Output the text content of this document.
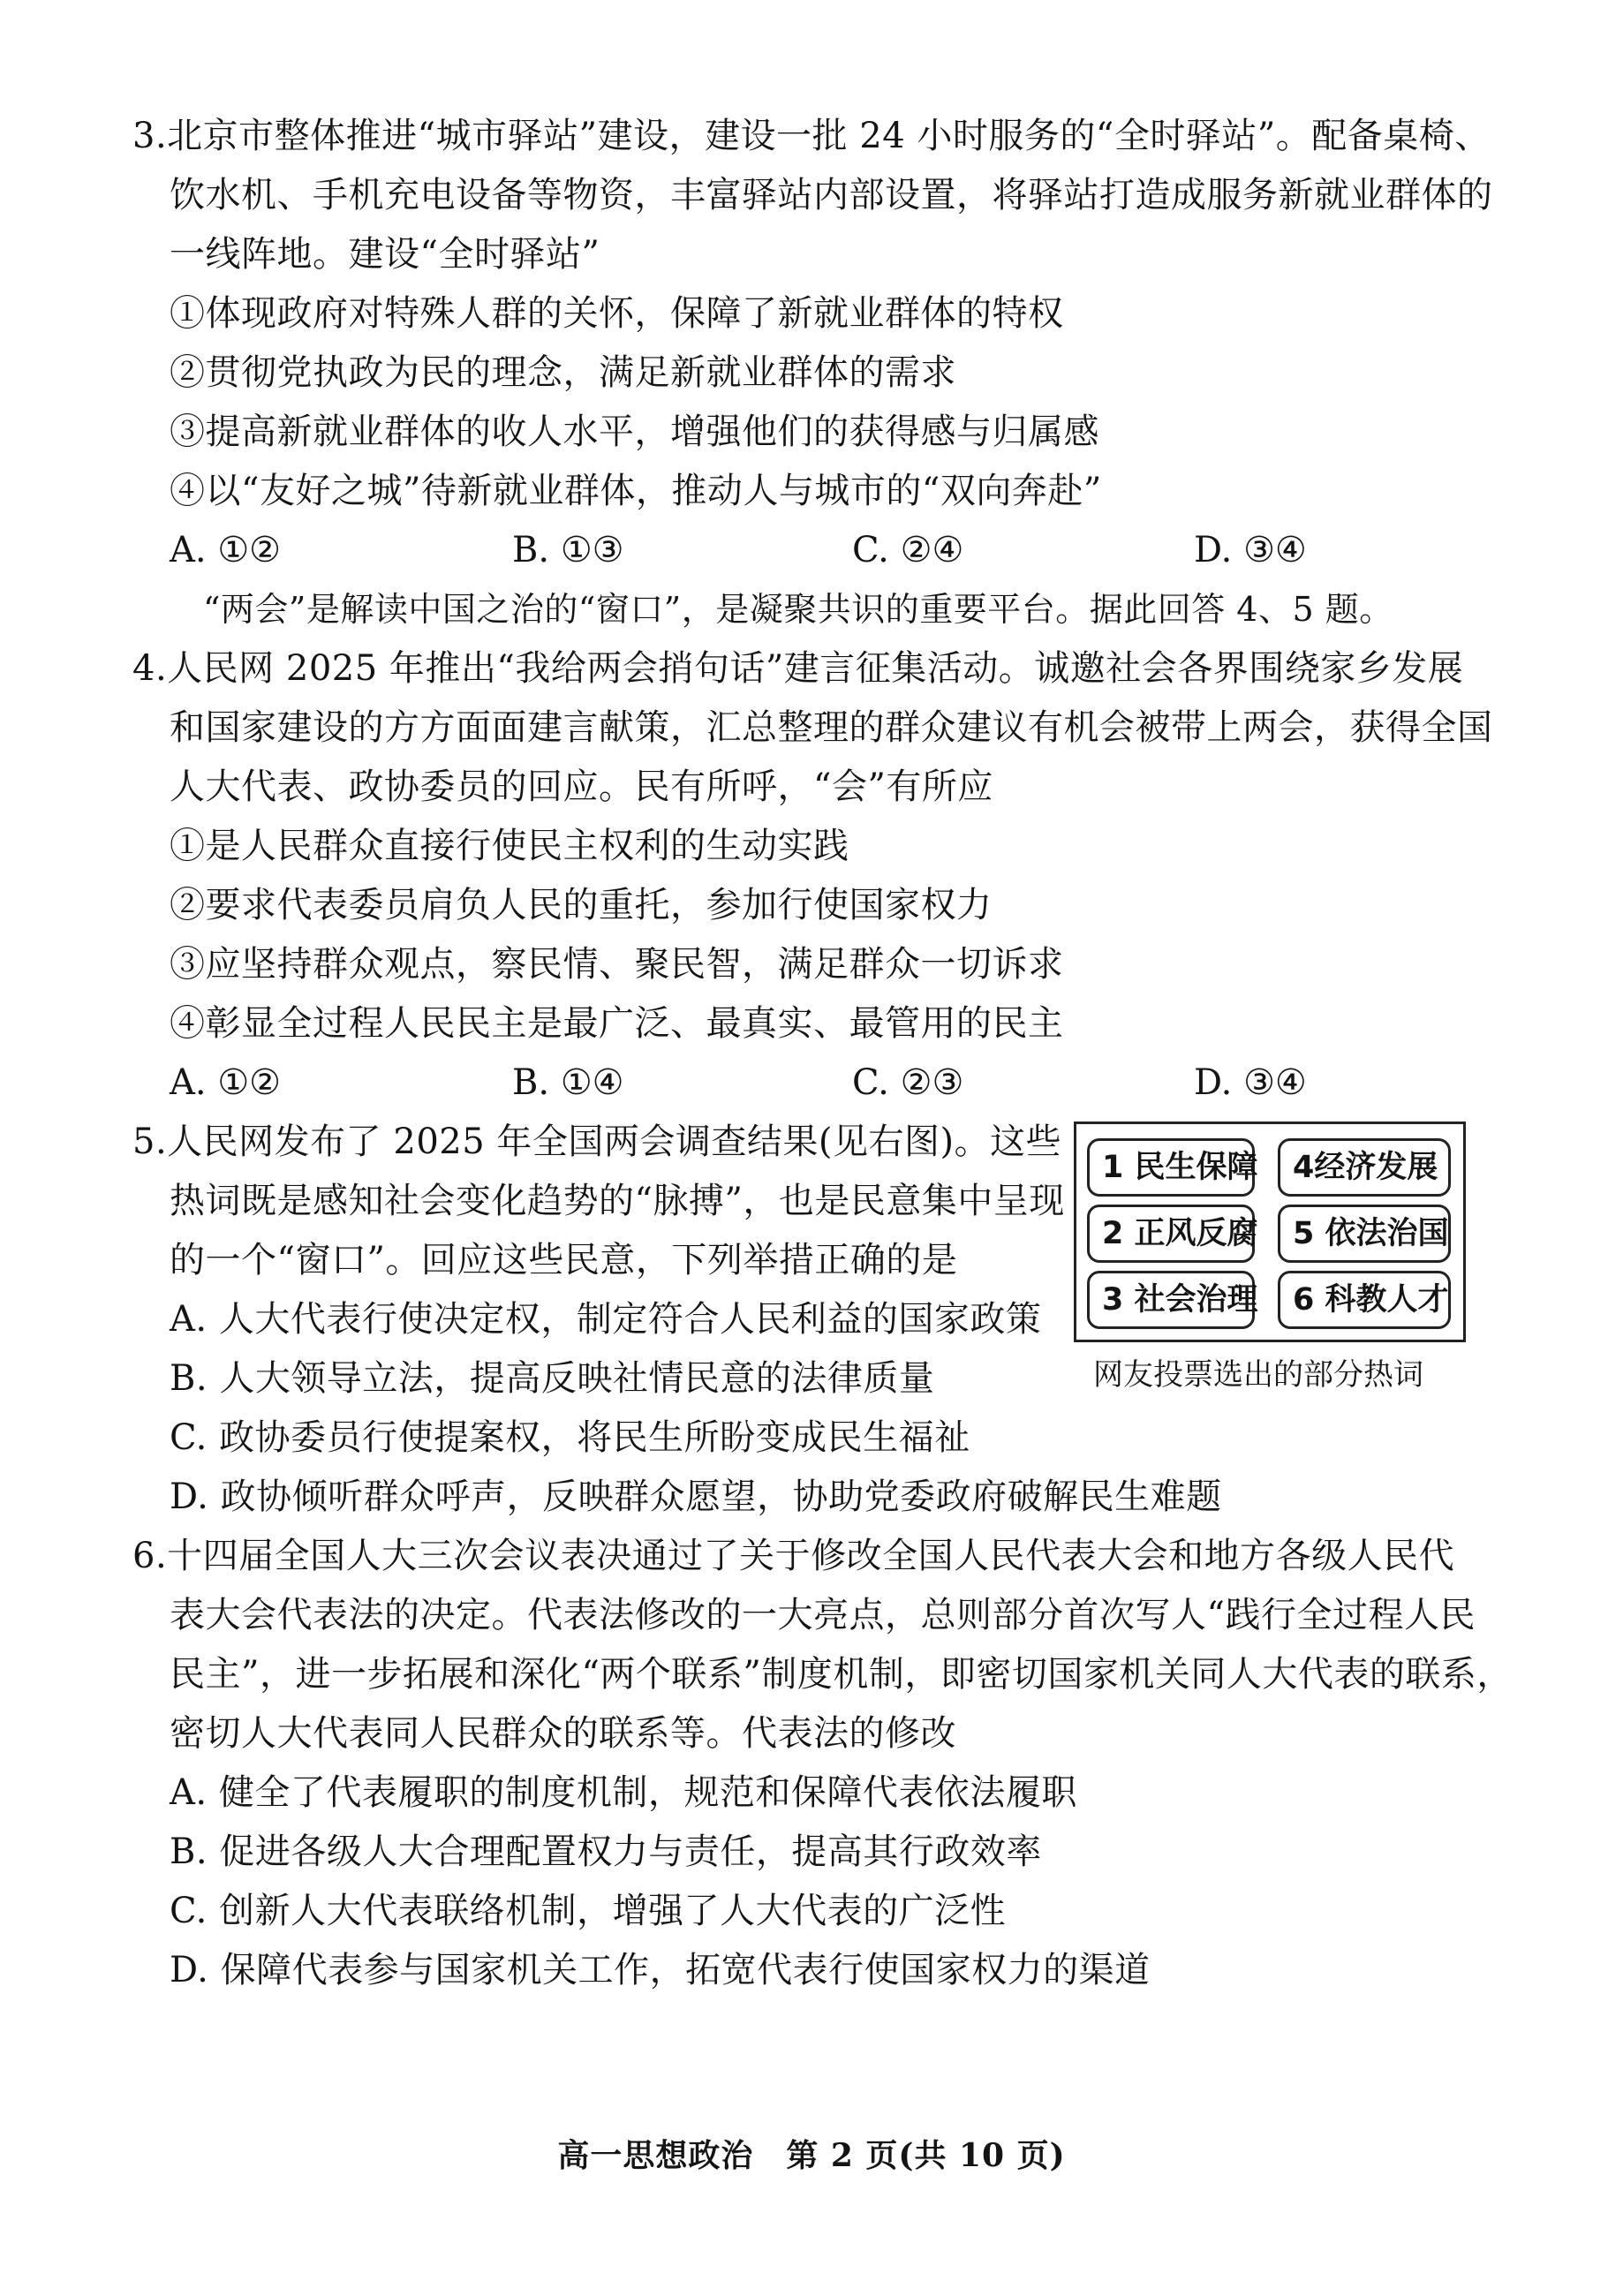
3.北京市整体推进“城市驿站”建设，建设一批 24 小时服务的“全时驿站”。配备桌椅、
饮水机、手机充电设备等物资，丰富驿站内部设置，将驿站打造成服务新就业群体的
一线阵地。建设“全时驿站”
①体现政府对特殊人群的关怀，保障了新就业群体的特权
②贯彻党执政为民的理念，满足新就业群体的需求
③提高新就业群体的收人水平，增强他们的获得感与归属感
④以“友好之城”待新就业群体，推动人与城市的“双向奔赴”
A. ①②	B. ①③	C. ②④	D. ③④
“两会”是解读中国之治的“窗口”，是凝聚共识的重要平台。据此回答 4、5 题。
4.人民网 2025 年推出“我给两会捎句话”建言征集活动。诚邀社会各界围绕家乡发展
和国家建设的方方面面建言献策，汇总整理的群众建议有机会被带上两会，获得全国
人大代表、政协委员的回应。民有所呼，“会”有所应
①是人民群众直接行使民主权利的生动实践
②要求代表委员肩负人民的重托，参加行使国家权力
③应坚持群众观点，察民情、聚民智，满足群众一切诉求
④彰显全过程人民民主是最广泛、最真实、最管用的民主
A. ①②	B. ①④	C. ②③	D. ③④
5.人民网发布了 2025 年全国两会调查结果(见右图)。这些
热词既是感知社会变化趋势的“脉搏”，也是民意集中呈现
的一个“窗口”。回应这些民意，下列举措正确的是
A. 人大代表行使决定权，制定符合人民利益的国家政策
B. 人大领导立法，提高反映社情民意的法律质量
C. 政协委员行使提案权，将民生所盼变成民生福祉
D. 政协倾听群众呼声，反映群众愿望，协助党委政府破解民生难题
1 民生保障	4经济发展
2 正风反腐	5 依法治国
3 社会治理	6 科教人才
网友投票选出的部分热词
6.十四届全国人大三次会议表决通过了关于修改全国人民代表大会和地方各级人民代
表大会代表法的决定。代表法修改的一大亮点，总则部分首次写人“践行全过程人民
民主”，进一步拓展和深化“两个联系”制度机制，即密切国家机关同人大代表的联系，
密切人大代表同人民群众的联系等。代表法的修改
A. 健全了代表履职的制度机制，规范和保障代表依法履职
B. 促进各级人大合理配置权力与责任，提高其行政效率
C. 创新人大代表联络机制，增强了人大代表的广泛性
D. 保障代表参与国家机关工作，拓宽代表行使国家权力的渠道
高一思想政治　第 2 页(共 10 页)
